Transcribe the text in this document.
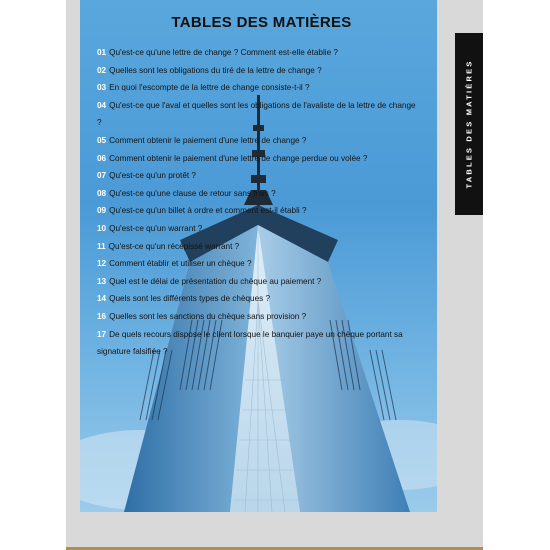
TABLES DES MATIÈRES
TABLES DES MATIÈRES
01 Qu'est-ce qu'une lettre de change ? Comment est-elle établie ?
02 Quelles sont les obligations du tiré de la lettre de change ?
03 En quoi l'escompte de la lettre de change consiste-t-il ?
04 Qu'est-ce que l'aval et quelles sont les obligations de l'avaliste de la lettre de change ?
05 Comment obtenir le paiement d'une lettre de change ?
06 Comment obtenir le paiement d'une lettre de change perdue ou volée ?
07 Qu'est-ce qu'un protêt ?
08 Qu'est-ce qu'une clause de retour sans frais ?
09 Qu'est-ce qu'un billet à ordre et comment est-il établi ?
10 Qu'est-ce qu'un warrant ?
11 Qu'est-ce qu'un récépissé warrant ?
12 Comment établir et utiliser un chèque ?
13 Quel est le délai de présentation du chèque au paiement ?
14 Quels sont les différents types de chèques ?
16 Quelles sont les sanctions du chèque sans provision ?
17 De quels recours dispose le client lorsque le banquier paye un chèque portant sa signature falsifiée ?
